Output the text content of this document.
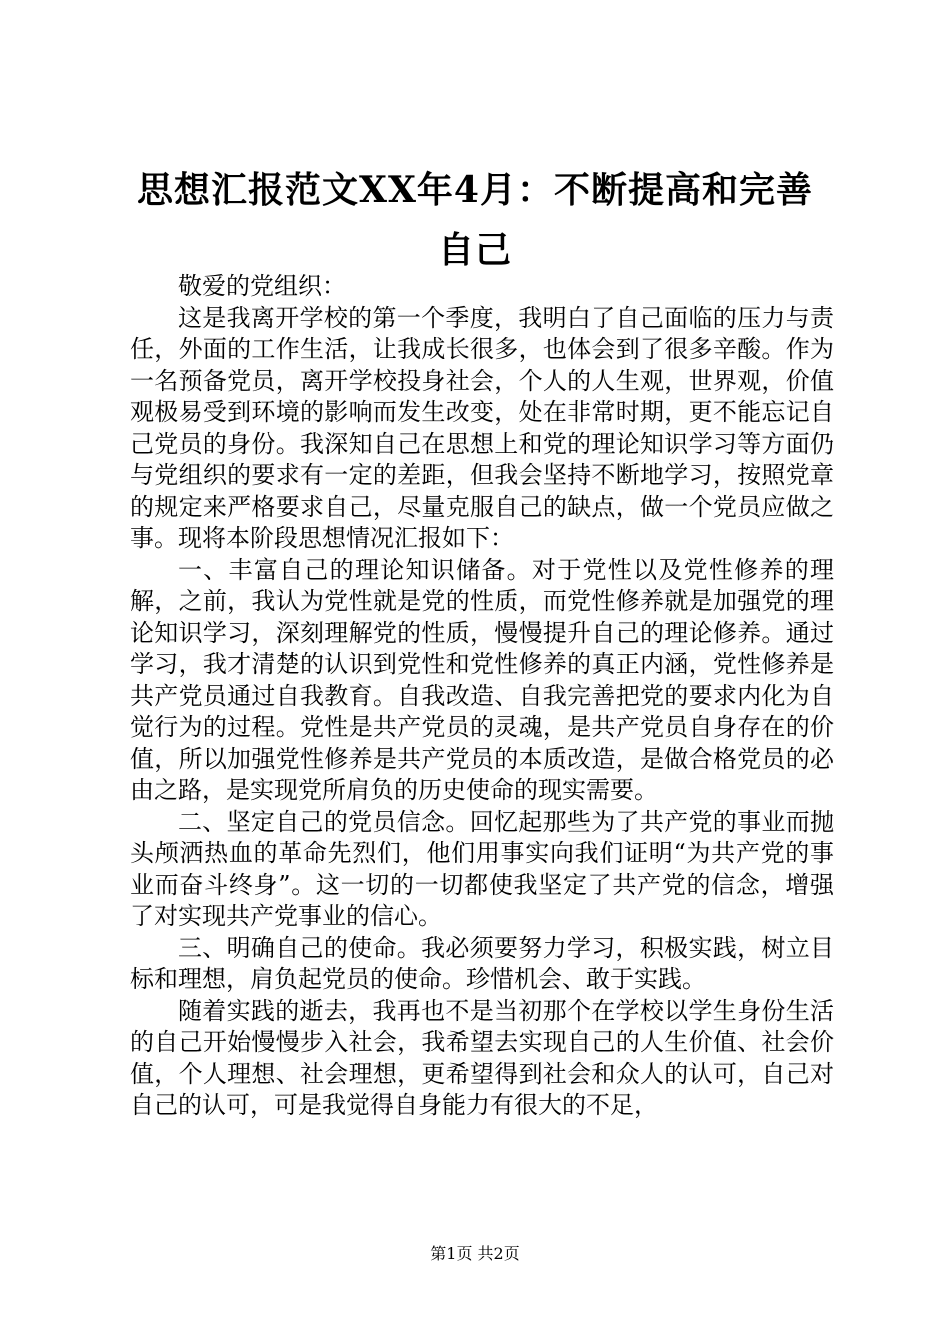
思想汇报范文XX年4月：不断提高和完善自己

敬爱的党组织：

这是我离开学校的第一个季度，我明白了自己面临的压力与责任，外面的工作生活，让我成长很多，也体会到了很多辛酸。作为一名预备党员，离开学校投身社会，个人的人生观，世界观，价值观极易受到环境的影响而发生改变，处在非常时期，更不能忘记自己党员的身份。我深知自己在思想上和党的理论知识学习等方面仍与党组织的要求有一定的差距，但我会坚持不断地学习，按照党章的规定来严格要求自己，尽量克服自己的缺点，做一个党员应做之事。现将本阶段思想情况汇报如下：

一、丰富自己的理论知识储备。对于党性以及党性修养的理解，之前，我认为党性就是党的性质，而党性修养就是加强党的理论知识学习，深刻理解党的性质，慢慢提升自己的理论修养。通过学习，我才清楚的认识到党性和党性修养的真正内涵，党性修养是共产党员通过自我教育。自我改造、自我完善把党的要求内化为自觉行为的过程。党性是共产党员的灵魂，是共产党员自身存在的价值，所以加强党性修养是共产党员的本质改造，是做合格党员的必由之路，是实现党所肩负的历史使命的现实需要。

二、坚定自己的党员信念。回忆起那些为了共产党的事业而抛头颅洒热血的革命先烈们，他们用事实向我们证明“为共产党的事业而奋斗终身”。这一切的一切都使我坚定了共产党的信念，增强了对实现共产党事业的信心。

三、明确自己的使命。我必须要努力学习，积极实践，树立目标和理想，肩负起党员的使命。珍惜机会、敢于实践。

随着实践的逝去，我再也不是当初那个在学校以学生身份生活的自己开始慢慢步入社会，我希望去实现自己的人生价值、社会价值，个人理想、社会理想，更希望得到社会和众人的认可，自己对自己的认可，可是我觉得自身能力有很大的不足，

第1页 共2页
